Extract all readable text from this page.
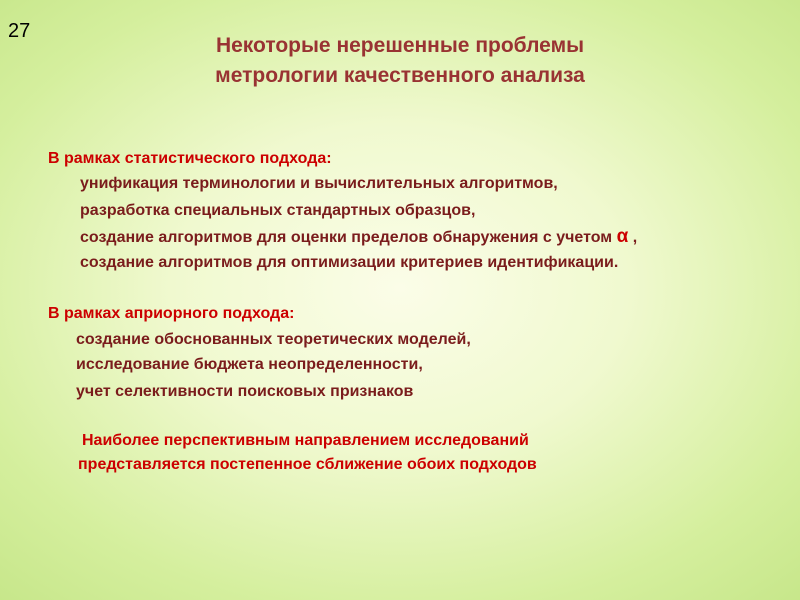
27
Некоторые нерешенные проблемы
метрологии качественного анализа
В рамках статистического подхода:
унификация терминологии и вычислительных алгоритмов,
разработка специальных стандартных образцов,
создание алгоритмов для оценки пределов обнаружения с учетом α ,
создание алгоритмов для оптимизации критериев идентификации.
В рамках априорного подхода:
создание обоснованных теоретических моделей,
исследование бюджета неопределенности,
учет селективности поисковых признаков
Наиболее перспективным направлением исследований
представляется постепенное сближение обоих подходов
